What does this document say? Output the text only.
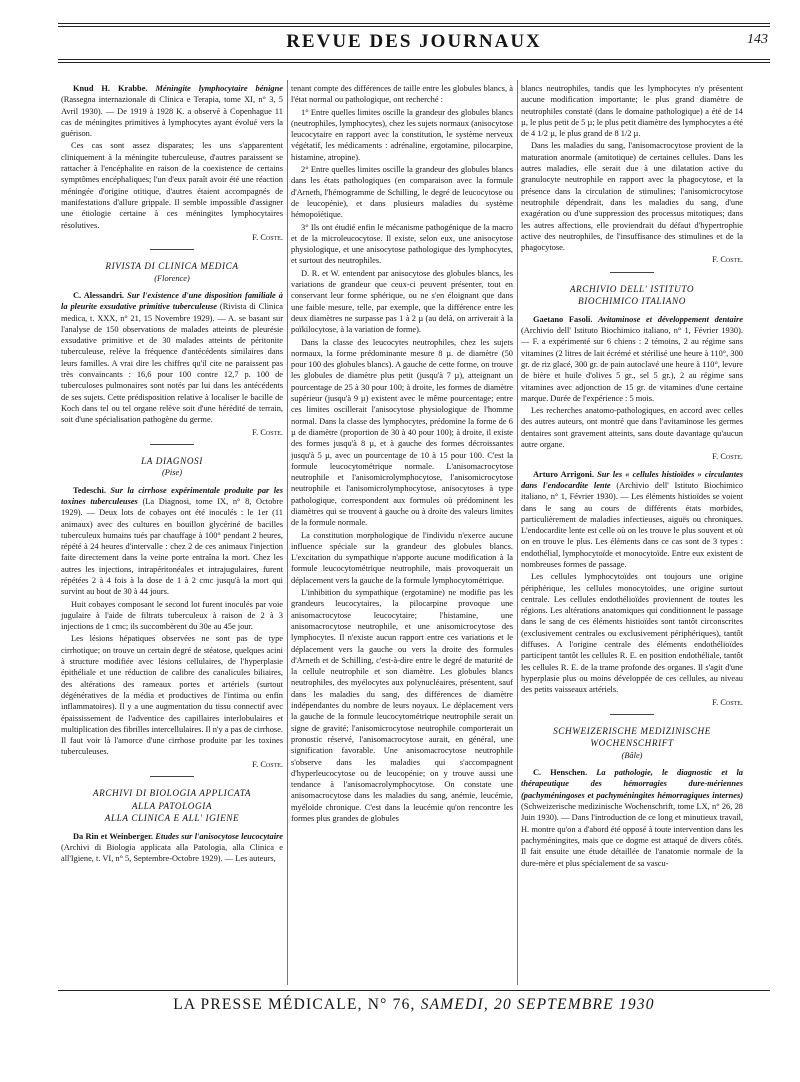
REVUE DES JOURNAUX	143

Knud H. Krabbe. Méningite lymphocytaire bénigne (Rassegna internazionale di Clinica e Terapia, tome XI, n° 3, 5 Avril 1930). — De 1919 à 1928 K. a observé à Copenhague 11 cas de méningites primitives à lymphocytes ayant évolué vers la guérison.

Ces cas sont assez disparates; les uns s'apparentent cliniquement à la méningite tuberculeuse, d'autres paraissent se rattacher à l'encéphalite en raison de la coexistence de certains symptômes encéphaliques; l'un d'eux paraît avoir été une réaction méningée d'origine otitique, d'autres étaient accompagnés de manifestations d'allure grippale. Il semble impossible d'assigner une étiologie certaine à ces méningites lymphocytaires résolutives.

F. Coste.

RIVISTA DI CLINICA MEDICA

(Florence)

C. Alessandri. Sur l'existence d'une disposition familiale à la pleurite exsudative primitive tuberculeuse (Rivista di Clinica medica, t. XXX, n° 21, 15 Novembre 1929). — A. se basant sur l'analyse de 150 observations de malades atteints de pleurésie exsudative primitive et de 30 malades atteints de péritonite tuberculeuse, relève la fréquence d'antécédents similaires dans leurs familles. A vrai dire les chiffres qu'il cite ne paraissent pas très convaincants : 16,6 pour 100 contre 12,7 p. 100 de tuberculoses pulmonaires sont notés par lui dans les antécédents de ses sujets. Cette prédisposition relative à localiser le bacille de Koch dans tel ou tel organe relève soit d'une hérédité de terrain, soit d'une spécialisation pathogène du germe.

F. Coste.

LA DIAGNOSI

(Pise)

Tedeschi. Sur la cirrhose expérimentale produite par les toxines tuberculeuses (La Diagnosi, tome IX, n° 8, Octobre 1929). — Deux lots de cobayes ont été inoculés : le 1er (11 animaux) avec des cultures en bouillon glycériné de bacilles tuberculeux humains tués par chauffage à 100° pendant 2 heures, répété à 24 heures d'intervalle : chez 2 de ces animaux l'injection faite directement dans la veine porte entraîna la mort. Chez les autres les injections, intrapéritonéales et intrajugulaires, furent répétées 2 à 4 fois à la dose de 1 à 2 cmc jusqu'à la mort qui survint au bout de 30 à 44 jours.

Huit cobayes composant le second lot furent inoculés par voie jugulaire à l'aide de filtrats tuberculeux à raison de 2 à 3 injections de 1 cmc; ils succombèrent du 30e au 45e jour.

Les lésions hépatiques observées ne sont pas de type cirrhotique; on trouve un certain degré de stéatose, quelques acini à structure modifiée avec lésions cellulaires, de l'hyperplasie épithéliale et une réduction de calibre des canalicules biliaires, des altérations des rameaux portes et artériels (surtout dégénératives de la média et productives de l'intima ou enfin inflammatoires). Il y a une augmentation du tissu connectif avec épaississement de l'adventice des capillaires interlobulaires et multiplication des fibrilles intercellulaires. Il n'y a pas de cirrhose. Il faut voir là l'amorce d'une cirrhose produite par les toxines tuberculeuses.

F. Coste.

ARCHIVI DI BIOLOGIA APPLICATA

ALLA PATOLOGIA

ALLA CLINICA E ALL' IGIENE

Da Rin et Weinberger. Etudes sur l'anisocytose leucocytaire (Archivi di Biologia applicata alla Patologia, alla Clinica e all'Igiene, t. VI, n° 5, Septembre-Octobre 1929). — Les auteurs,

tenant compte des différences de taille entre les globules blancs, à l'état normal ou pathologique, ont recherché :

1° Entre quelles limites oscille la grandeur des globules blancs (neutrophiles, lymphocytes), chez les sujets normaux (anisocytose leucocytaire en rapport avec la constitution, le système nerveux végétatif, les médicaments : adrénaline, ergotamine, pilocarpine, histamine, atropine).

2° Entre quelles limites oscille la grandeur des globules blancs dans les états pathologiques (en comparaison avec la formule d'Arneth, l'hémogramme de Schilling, le degré de leucocytose ou de leucopénie), et dans plusieurs maladies du système hémopoïétique.

3° Ils ont étudié enfin le mécanisme pathogénique de la macro et de la microleucocytose. Il existe, selon eux, une anisocytose physiologique, et une anisocytose pathologique des lymphocytes, et surtout des neutrophiles.

D. R. et W. entendent par anisocytose des globules blancs, les variations de grandeur que ceux-ci peuvent présenter, tout en conservant leur forme sphérique, ou ne s'en éloignant que dans une faible mesure, telle, par exemple, que la différence entre les deux diamètres ne surpasse pas 1 à 2 µ (au delà, on arriverait à la poïkilocytose, à la variation de forme).

Dans la classe des leucocytes neutrophiles, chez les sujets normaux, la forme prédominante mesure 8 µ. de diamètre (50 pour 100 des globules blancs). A gauche de cette forme, on trouve les globules de diamètre plus petit (jusqu'à 7 µ), atteignant un pourcentage de 25 à 30 pour 100; à droite, les formes de diamètre supérieur (jusqu'à 9 µ) existent avec le même pourcentage; entre ces limites oscillerait l'anisocytose physiologique de l'homme normal. Dans la classe des lymphocytes, prédomine la forme de 6 µ de diamètre (proportion de 30 à 40 pour 100); à droite, il existe des formes jusqu'à 8 µ, et à gauche des formes décroissantes jusqu'à 5 µ, avec un pourcentage de 10 à 15 pour 100. C'est la formule leucocytométrique normale. L'anisomacrocytose neutrophile et l'anisomicrolymphocytose, l'anisomicrocytose neutrophile et l'anisomicrolymphocytose, anisocytoses à type pathologique, correspondent aux formules où prédominent les diamètres qui se trouvent à gauche ou à droite des valeurs limites de la formule normale.

La constitution morphologique de l'individu n'exerce aucune influence spéciale sur la grandeur des globules blancs. L'excitation du sympathique n'apporte aucune modification à la formule leucocytométrique neutrophile, mais provoquerait un déplacement vers la gauche de la formule lymphocytométrique.

L'inhibition du sympathique (ergotamine) ne modifie pas les grandeurs leucocytaires, la pilocarpine provoque une anisomacrocytose leucocytaire; l'histamine, une anisomacrocytose neutrophile, et une anisomicrocytose des lymphocytes. Il n'existe aucun rapport entre ces variations et le déplacement vers la gauche ou vers la droite des formules d'Arneth et de Schilling, c'est-à-dire entre le degré de maturité de la cellule neutrophile et son diamètre. Les globules blancs neutrophiles, des myélocytes aux polynucléaires, présentent, sauf dans les maladies du sang, des différences de diamètre indépendantes du nombre de leurs noyaux. Le déplacement vers la gauche de la formule leucocytométrique neutrophile serait un signe de gravité; l'anisomicrocytose neutrophile comporterait un pronostic réservé, l'anisomacrocytose aurait, en général, une signification favorable. Une anisomacrocytose neutrophile s'observe dans les maladies qui s'accompagnent d'hyperleucocytose ou de leucopénie; on y trouve aussi une tendance à l'anisomacrolymphocytose. On constate une anisomacrocytose dans les maladies du sang, anémie, leucémie, myéloïde chronique. C'est dans la leucémie qu'on rencontre les formes plus grandes de globules

blancs neutrophiles, tandis que les lymphocytes n'y présentent aucune modification importante; le plus grand diamètre de neutrophiles constaté (dans le domaine pathologique) a été de 14 µ, le plus petit de 5 µ; le plus petit diamètre des lymphocytes a été de 4 1/2 µ, le plus grand de 8 1/2 µ.

Dans les maladies du sang, l'anisomacrocytose provient de la maturation anormale (amitotique) de certaines cellules. Dans les autres maladies, elle serait due à une dilatation active du granulocyte neutrophile en rapport avec la phagocytose, et la présence dans la circulation de stimulines; l'anisomicrocytose neutrophile dépendrait, dans les maladies du sang, d'une exagération ou d'une suppression des processus mitotiques; dans les autres affections, elle proviendrait du défaut d'hypertrophie active des neutrophiles, de l'insuffisance des stimulines et de la phagocytose.

F. Coste.

ARCHIVIO DELL' ISTITUTO

BIOCHIMICO ITALIANO

Gaetano Fasoli. Avitaminose et développement dentaire (Archivio dell' Istituto Biochimico italiano, n° 1, Février 1930). — F. a expérimenté sur 6 chiens : 2 témoins, 2 au régime sans vitamines (2 litres de lait écrémé et stérilisé une heure à 110°, 300 gr. de riz glacé, 300 gr. de pain autoclavé une heure à 110°, levure de bière et huile d'olives 5 gr., sel 5 gr.), 2 au régime sans vitamines avec adjonction de 15 gr. de vitamines d'une certaine marque. Durée de l'expérience : 5 mois.

Les recherches anatomo-pathologiques, en accord avec celles des autres auteurs, ont montré que dans l'avitaminose les germes dentaires sont gravement atteints, sans doute davantage qu'aucun autre organe.

F. Coste.

Arturo Arrigoni. Sur les « cellules histioïdes » circulantes dans l'endocardite lente (Archivio dell' Istituto Biochimico italiano, n° 1, Février 1930). — Les éléments histioïdes se voient dans le sang au cours de différents états morbides, particulièrement de maladies infectieuses, aiguës ou chroniques. L'endocardite lente est celle où on les trouve le plus souvent et où on en trouve le plus. Les éléments dans ce cas sont de 3 types : endothélial, lymphocytoïde et monocytoïde. Entre eux existent de nombreuses formes de passage.

Les cellules lymphocytoïdes ont toujours une origine périphérique, les cellules monocytoïdes, une origine surtout centrale. Les cellules endothélioïdes proviennent de toutes les régions. Les altérations anatomiques qui conditionnent le passage dans le sang de ces éléments histioïdes sont tantôt circonscrites (exclusivement centrales ou exclusivement périphériques), tantôt diffuses. A l'origine centrale des éléments endothélioïdes participent tantôt les cellules R. E. en position endothéliale, tantôt les cellules R. E. de la trame profonde des organes. Il s'agit d'une hyperplasie plus ou moins développée de ces cellules, au niveau des petits vaisseaux artériels.

F. Coste.

SCHWEIZERISCHE MEDIZINISCHE

WOCHENSCHRIFT

(Bâle)

C. Henschen. La pathologie, le diagnostic et la thérapeutique des hémorragies dure-mériennes (pachyméningoses et pachyméningites hémorragiques internes) (Schweizerische medizinische Wochenschrift, tome LX, n° 26, 28 Juin 1930). — Dans l'introduction de ce long et minutieux travail, H. montre qu'on a d'abord été opposé à toute intervention dans les pachyméningites, mais que ce dogme est attaqué de divers côtés. Il fait ensuite une étude détaillée de l'anatomie normale de la dure-mère et plus spécialement de sa vascu-

LA PRESSE MÉDICALE, N° 76, SAMEDI, 20 SEPTEMBRE 1930
